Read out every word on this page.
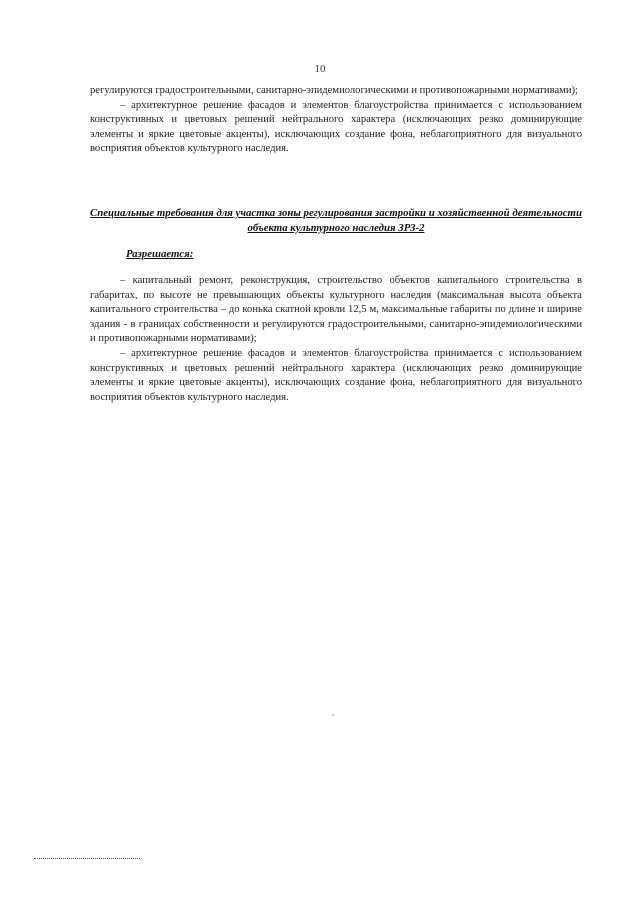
10

регулируются градостроительными, санитарно-эпидемиологическими и противопожарными нормативами);

– архитектурное решение фасадов и элементов благоустройства принимается с использованием конструктивных и цветовых решений нейтрального характера (исключающих резко доминирующие элементы и яркие цветовые акценты), исключающих создание фона, неблагоприятного для визуального восприятия объектов культурного наследия.

Специальные требования для участка зоны регулирования застройки и хозяйственной деятельности объекта культурного наследия ЗРЗ-2
Разрешается:

– капитальный ремонт, реконструкция, строительство объектов капитального строительства в габаритах, по высоте не превышающих объекты культурного наследия (максимальная высота объекта капитального строительства – до конька скатной кровли 12,5 м, максимальные габариты по длине и ширине здания - в границах собственности и регулируются градостроительными, санитарно-эпидемиологическими и противопожарными нормативами);

– архитектурное решение фасадов и элементов благоустройства принимается с использованием конструктивных и цветовых решений нейтрального характера (исключающих резко доминирующие элементы и яркие цветовые акценты), исключающих создание фона, неблагоприятного для визуального восприятия объектов культурного наследия.
